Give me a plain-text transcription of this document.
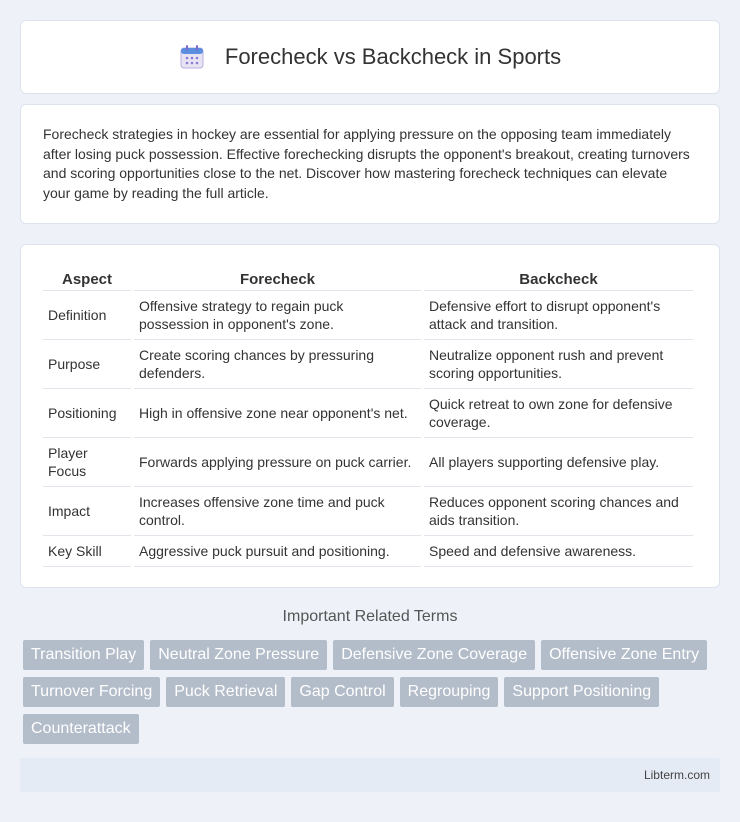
Forecheck vs Backcheck in Sports

Forecheck strategies in hockey are essential for applying pressure on the opposing team immediately after losing puck possession. Effective forechecking disrupts the opponent's breakout, creating turnovers and scoring opportunities close to the net. Discover how mastering forecheck techniques can elevate your game by reading the full article.

Aspect	Forecheck	Backcheck
Definition	Offensive strategy to regain puck possession in opponent's zone.	Defensive effort to disrupt opponent's attack and transition.
Purpose	Create scoring chances by pressuring defenders.	Neutralize opponent rush and prevent scoring opportunities.
Positioning	High in offensive zone near opponent's net.	Quick retreat to own zone for defensive coverage.
Player Focus	Forwards applying pressure on puck carrier.	All players supporting defensive play.
Impact	Increases offensive zone time and puck control.	Reduces opponent scoring chances and aids transition.
Key Skill	Aggressive puck pursuit and positioning.	Speed and defensive awareness.
Important Related Terms
Transition Play	Neutral Zone Pressure	Defensive Zone Coverage	Offensive Zone Entry
Turnover Forcing	Puck Retrieval	Gap Control	Regrouping	Support Positioning
Counterattack
Libterm.com
